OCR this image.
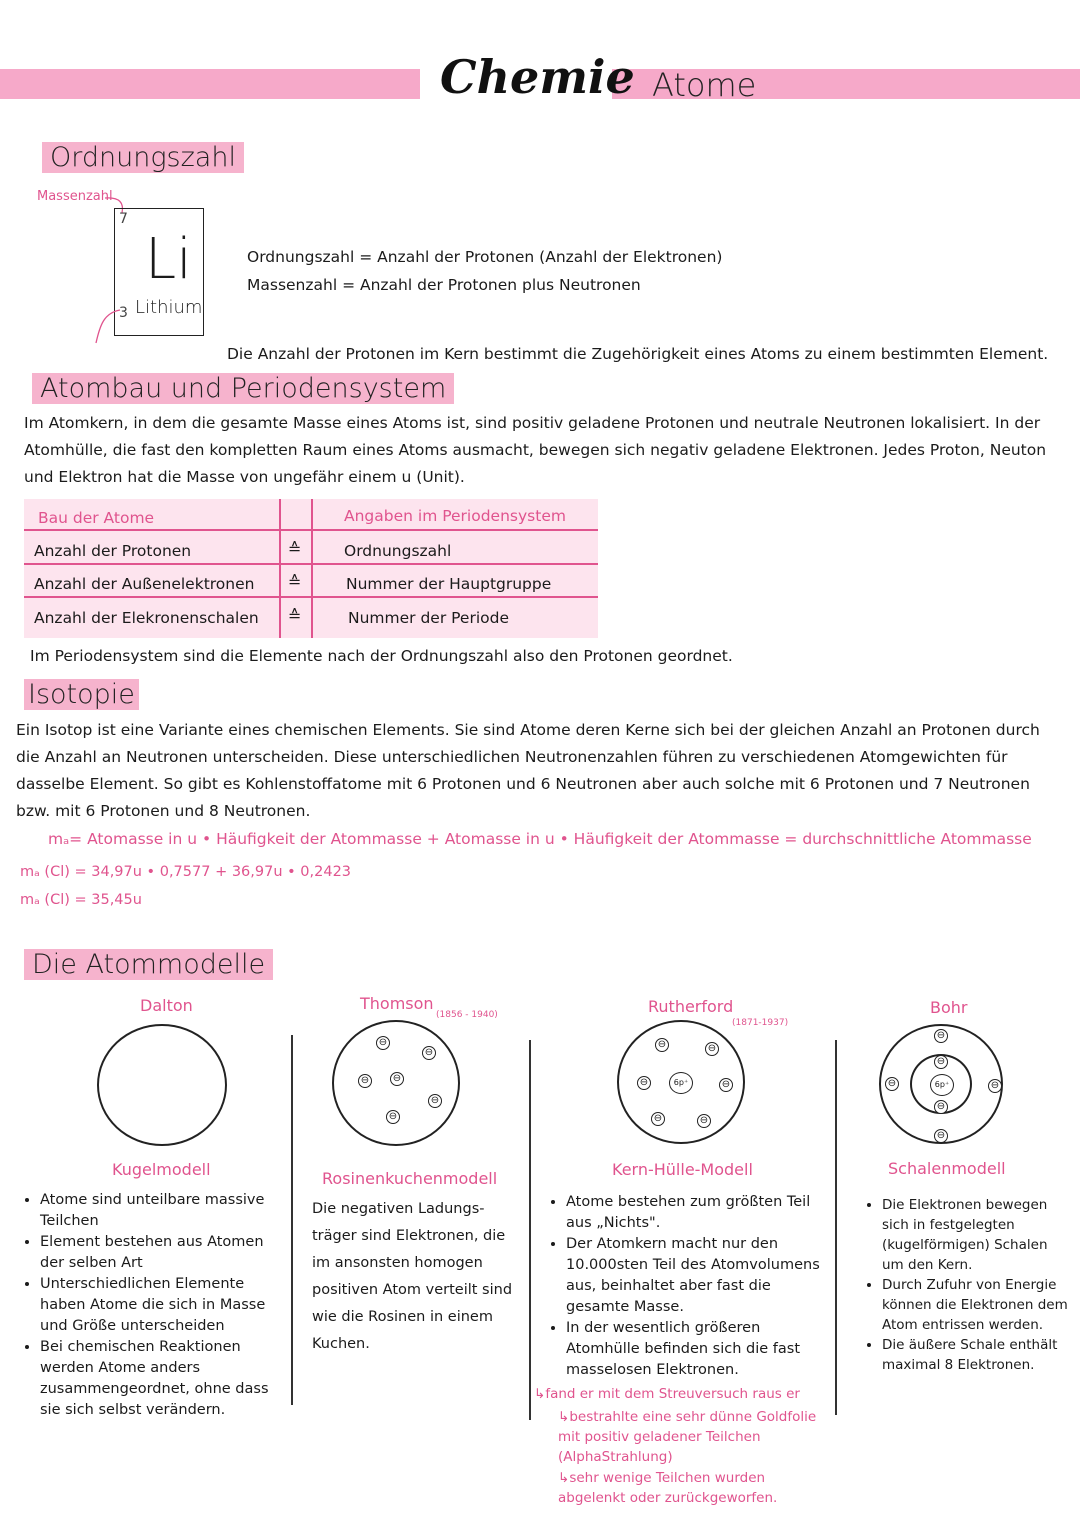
Chemie Atome
Ordnungszahl
Massenzahl
7
Li
3 Lithium
Ordnungszahl = Anzahl der Protonen (Anzahl der Elektronen)
Massenzahl = Anzahl der Protonen plus Neutronen
Die Anzahl der Protonen im Kern bestimmt die Zugehörigkeit eines Atoms zu einem bestimmten Element.
Atombau und Periodensystem
Im Atomkern, in dem die gesamte Masse eines Atoms ist, sind positiv geladene Protonen und neutrale Neutronen lokalisiert. In der Atomhülle, die fast den kompletten Raum eines Atoms ausmacht, bewegen sich negativ geladene Elektronen. Jedes Proton, Neuton und Elektron hat die Masse von ungefähr einem u (Unit).
Bau der Atome	Angaben im Periodensystem
Anzahl der Protonen	≙	Ordnungszahl
Anzahl der Außenelektronen ≙	Nummer der Hauptgruppe
Anzahl der Elekronenschalen ≙	Nummer der Periode
Im Periodensystem sind die Elemente nach der Ordnungszahl also den Protonen geordnet.
Isotopie
Ein Isotop ist eine Variante eines chemischen Elements. Sie sind Atome deren Kerne sich bei der gleichen Anzahl an Protonen durch die Anzahl an Neutronen unterscheiden. Diese unterschiedlichen Neutronenzahlen führen zu verschiedenen Atomgewichten für dasselbe Element. So gibt es Kohlenstoffatome mit 6 Protonen und 6 Neutronen aber auch solche mit 6 Protonen und 7 Neutronen bzw. mit 6 Protonen und 8 Neutronen.
mₐ= Atomasse in u • Häufigkeit der Atommasse + Atomasse in u • Häufigkeit der Atommasse = durchschnittliche Atommasse
mₐ (Cl) = 34,97u • 0,7577 + 36,97u • 0,2423
mₐ (Cl) = 35,45u
Die Atommodelle
Dalton
Kugelmodell
• Atome sind unteilbare massive Teilchen
• Element bestehen aus Atomen der selben Art
• Unterschiedlichen Elemente haben Atome die sich in Masse und Größe unterscheiden
• Bei chemischen Reaktionen werden Atome anders zusammengeordnet, ohne dass sie sich selbst verändern.
Thomson
(1856 - 1940)
⊖
⊖
⊖ ⊖
⊖
⊖
Rosinenkuchenmodell
Die negativen Ladungs-träger sind Elektronen, die im ansonsten homogen positiven Atom verteilt sind wie die Rosinen in einem Kuchen.
Rutherford
(1871-1937)
⊖	⊖
⊖	⊖
⊖	⊖
6p⁺
Kern-Hülle-Modell
• Atome bestehen zum größten Teil aus „Nichts".
• Der Atomkern macht nur den 10.000sten Teil des Atomvolumens aus, beinhaltet aber fast die gesamte Masse.
• In der wesentlich größeren Atomhülle befinden sich die fast masselosen Elektronen.
↳fand er mit dem Streuversuch raus er
↳bestrahlte eine sehr dünne Goldfolie mit positiv geladener Teilchen (AlphaStrahlung)
↳sehr wenige Teilchen wurden abgelenkt oder zurückgeworfen.
Bohr
6p⁺
⊖
⊖
⊖
⊖
⊖	⊖
Schalenmodell
• Die Elektronen bewegen sich in festgelegten (kugelförmigen) Schalen um den Kern.
• Durch Zufuhr von Energie können die Elektronen dem Atom entrissen werden.
• Die äußere Schale enthält maximal 8 Elektronen.
